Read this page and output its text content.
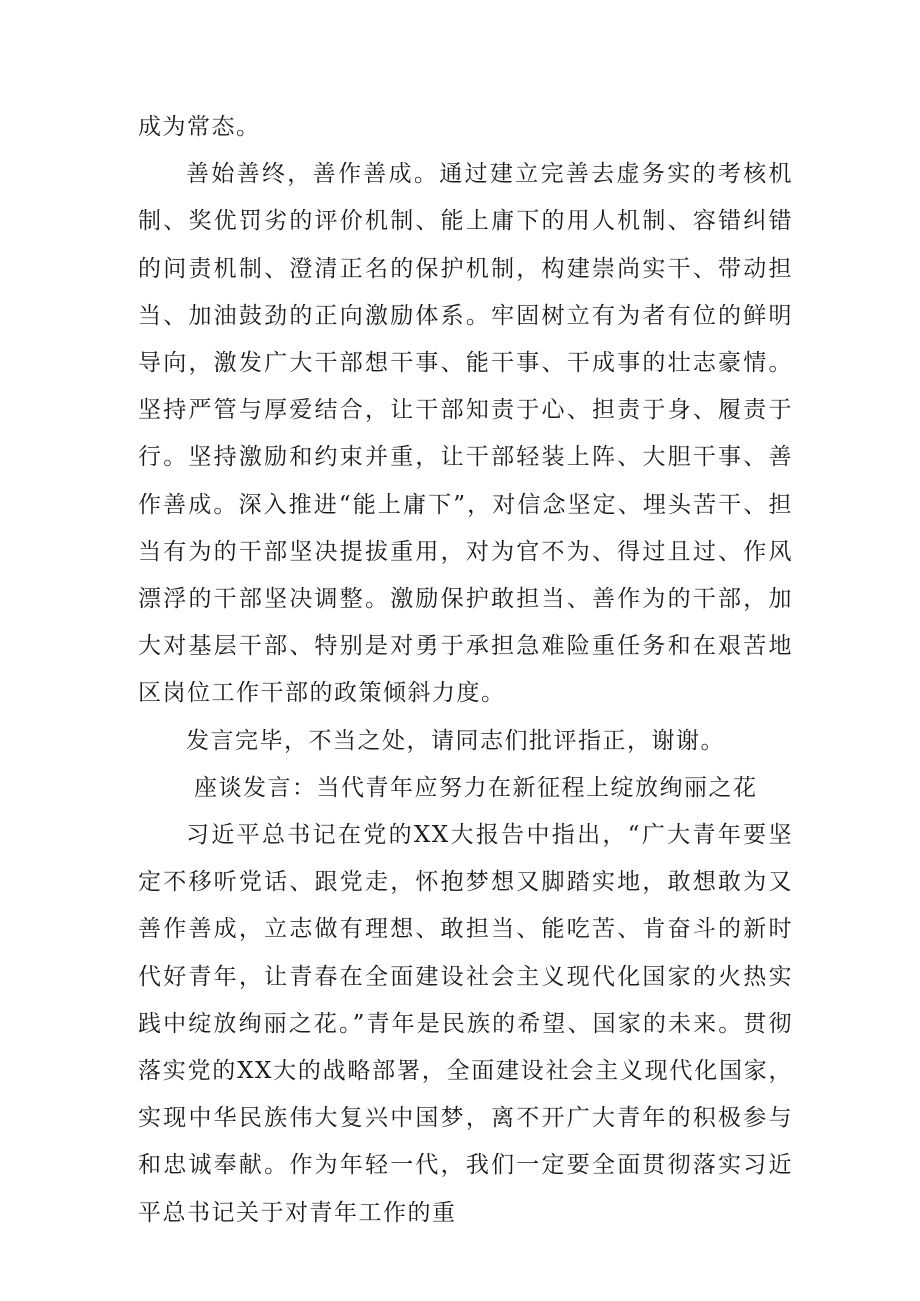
成为常态。

善始善终，善作善成。通过建立完善去虚务实的考核机制、奖优罚劣的评价机制、能上庸下的用人机制、容错纠错的问责机制、澄清正名的保护机制，构建崇尚实干、带动担当、加油鼓劲的正向激励体系。牢固树立有为者有位的鲜明导向，激发广大干部想干事、能干事、干成事的壮志豪情。坚持严管与厚爱结合，让干部知责于心、担责于身、履责于行。坚持激励和约束并重，让干部轻装上阵、大胆干事、善作善成。深入推进“能上庸下”，对信念坚定、埋头苦干、担当有为的干部坚决提拔重用，对为官不为、得过且过、作风漂浮的干部坚决调整。激励保护敢担当、善作为的干部，加大对基层干部、特别是对勇于承担急难险重任务和在艰苦地区岗位工作干部的政策倾斜力度。

发言完毕，不当之处，请同志们批评指正，谢谢。

座谈发言：当代青年应努力在新征程上绽放绚丽之花

习近平总书记在党的XX大报告中指出，“广大青年要坚定不移听党话、跟党走，怀抱梦想又脚踏实地，敢想敢为又善作善成，立志做有理想、敢担当、能吃苦、肯奋斗的新时代好青年，让青春在全面建设社会主义现代化国家的火热实践中绽放绚丽之花。”青年是民族的希望、国家的未来。贯彻落实党的XX大的战略部署，全面建设社会主义现代化国家，实现中华民族伟大复兴中国梦，离不开广大青年的积极参与和忠诚奉献。作为年轻一代，我们一定要全面贯彻落实习近平总书记关于对青年工作的重
